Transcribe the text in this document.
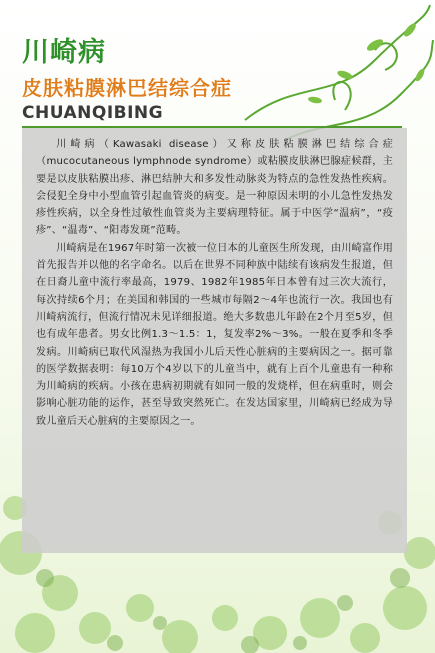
川崎病
皮肤粘膜淋巴结综合症
CHUANQIBING

川崎病（Kawasaki disease）又称皮肤粘膜淋巴结综合症（mucocutaneous lymphnode syndrome）或粘膜皮肤淋巴腺症候群，主要是以皮肤粘膜出疹、淋巴结肿大和多发性动脉炎为特点的急性发热性疾病。会侵犯全身中小型血管引起血管炎的病变。是一种原因未明的小儿急性发热发疹性疾病，以全身性过敏性血管炎为主要病理特征。属于中医学“温病”，“疫疹”、“温毒”、“阳毒发斑”范畴。

川崎病是在1967年时第一次被一位日本的儿童医生所发现，由川崎富作用首先报告并以他的名字命名。以后在世界不同种族中陆续有该病发生报道，但在日裔儿童中流行率最高，1979、1982年1985年日本曾有过三次大流行，每次持续6个月；在美国和韩国的一些城市每隔2～4年也流行一次。我国也有川崎病流行，但流行情况未见详细报道。绝大多数患儿年龄在2个月至5岁，但也有成年患者。男女比例1.3～1.5：1，复发率2%～3%。一般在夏季和冬季发病。川崎病已取代风湿热为我国小儿后天性心脏病的主要病因之一。据可靠的医学数据表明：每10万个4岁以下的儿童当中，就有上百个儿童患有一种称为川崎病的疾病。小孩在患病初期就有如同一般的发烧样，但在病重时，则会影响心脏功能的运作，甚至导致突然死亡。在发达国家里，川崎病已经成为导致儿童后天心脏病的主要原因之一。
